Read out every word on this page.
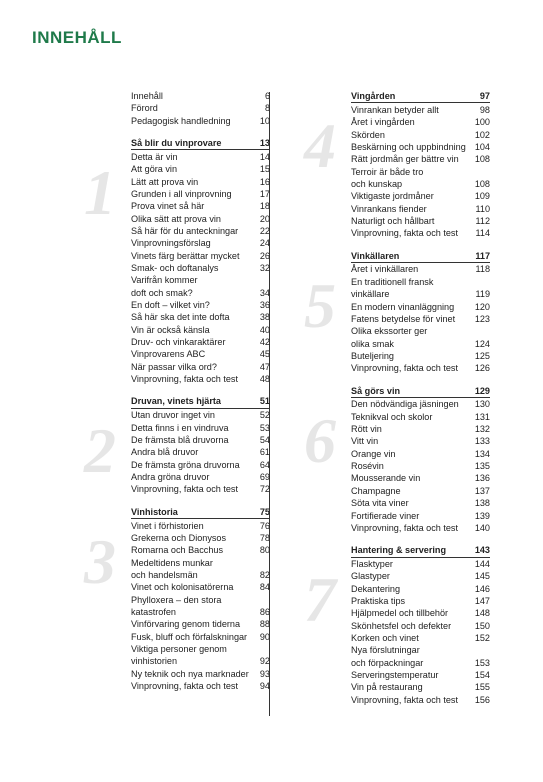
INNEHÅLL
Innehåll	6
Förord	8
Pedagogisk handledning	10
1
Så blir du vinprovare	13
Detta är vin	14
Att göra vin	15
Lätt att prova vin	16
Grunden i all vinprovning	17
Prova vinet så här	18
Olika sätt att prova vin	20
Så här för du anteckningar 22
Vinprovningsförslag	24
Vinets färg berättar mycket 26
Smak- och doftanalys	32
Varifrån kommer
doft och smak?	34
En doft – vilket vin?	36
Så här ska det inte dofta	38
Vin är också känsla	40
Druv- och vinkaraktärer	42
Vinprovarens ABC	45
När passar vilka ord?	47
Vinprovning, fakta och test 48
2
Druvan, vinets hjärta	51
Utan druvor inget vin	52
Detta finns i en vindruva	53
De främsta blå druvorna	54
Andra blå druvor	61
De främsta gröna druvorna 64
Andra gröna druvor	69
Vinprovning, fakta och test 72
3
Vinhistoria	75
Vinet i förhistorien	76
Grekerna och Dionysos	78
Romarna och Bacchus	80
Medeltidens munkar
och handelsmän	82
Vinet och kolonisatörerna	84
Phylloxera – den stora
katastrofen	86
Vinförvaring genom tiderna 88
Fusk, bluff och förfalskningar 90
Viktiga personer genom
vinhistorien	92
Ny teknik och nya marknader 93
Vinprovning, fakta och test 94
4
Vingården	97
Vinrankan betyder allt	98
Året i vingården	100
Skörden	102
Beskärning och uppbindning 104
Rätt jordmån ger bättre vin 108
Terroir är både tro
och kunskap	108
Viktigaste jordmåner	109
Vinrankans fiender	110
Naturligt och hållbart	112
Vinprovning, fakta och test 114
5
Vinkällaren	117
Året i vinkällaren	118
En traditionell fransk
vinkällare	119
En modern vinanläggning 120
Fatens betydelse för vinet 123
Olika ekssorter ger
olika smak	124
Buteljering	125
Vinprovning, fakta och test 126
6
Så görs vin	129
Den nödvändiga jäsningen 130
Teknikval och skolor	131
Rött vin	132
Vitt vin	133
Orange vin	134
Rosévin	135
Mousserande vin	136
Champagne	137
Söta vita viner	138
Fortifierade viner	139
Vinprovning, fakta och test 140
7
Hantering & servering	143
Flasktyper	144
Glastyper	145
Dekantering	146
Praktiska tips	147
Hjälpmedel och tillbehör	148
Skönhetsfel och defekter	150
Korken och vinet	152
Nya förslutningar
och förpackningar	153
Serveringstemperatur	154
Vin på restaurang	155
Vinprovning, fakta och test 156
